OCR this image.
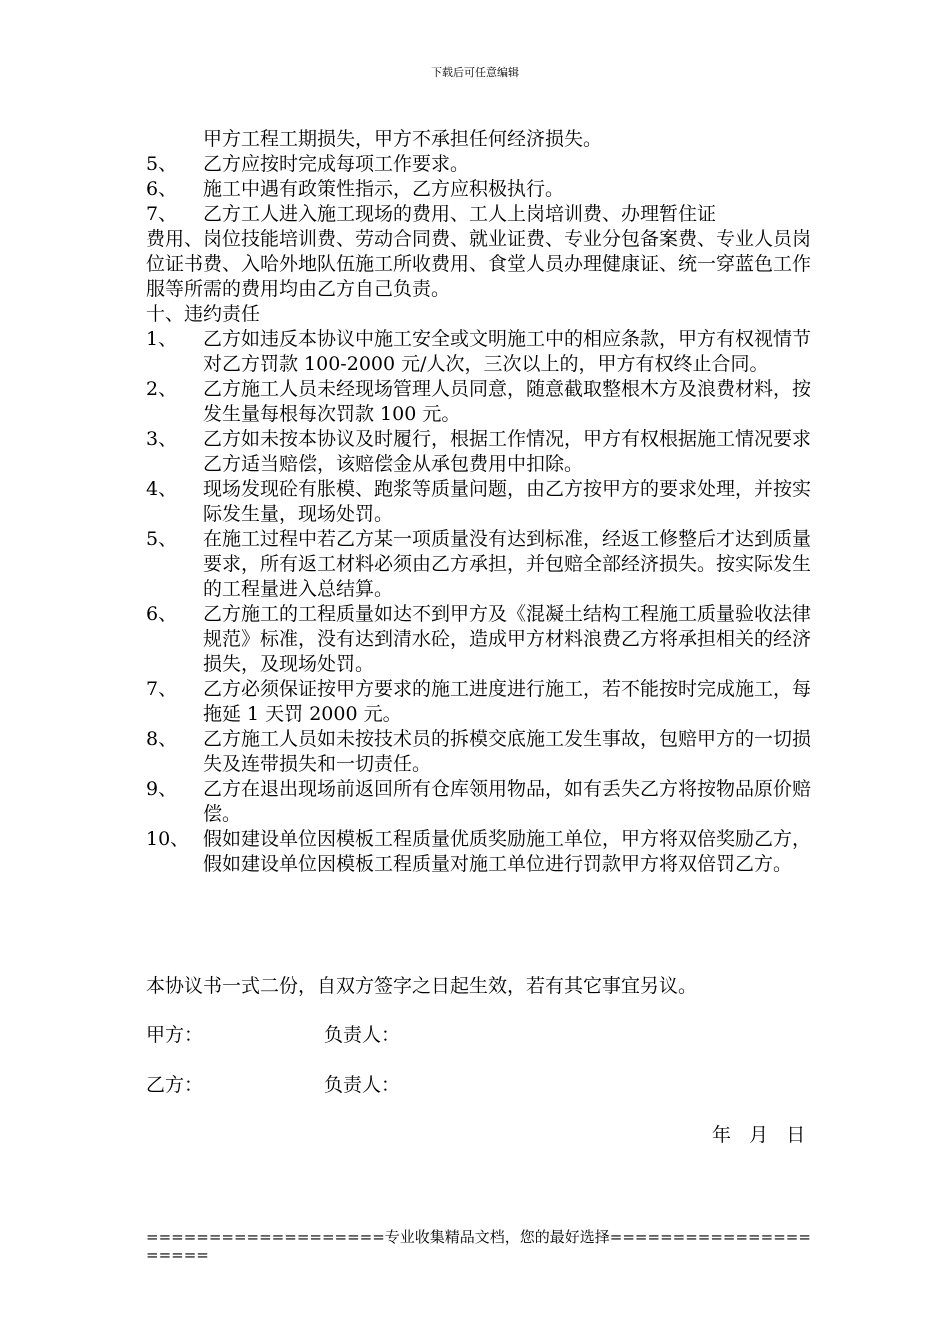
下载后可任意编辑
甲方工程工期损失，甲方不承担任何经济损失。
5、	乙方应按时完成每项工作要求。
6、	施工中遇有政策性指示，乙方应积极执行。
7、	乙方工人进入施工现场的费用、工人上岗培训费、办理暂住证
费用、岗位技能培训费、劳动合同费、就业证费、专业分包备案费、专业人员岗位证书费、入哈外地队伍施工所收费用、食堂人员办理健康证、统一穿蓝色工作服等所需的费用均由乙方自己负责。
十、违约责任
1、	乙方如违反本协议中施工安全或文明施工中的相应条款，甲方有权视情节对乙方罚款 100-2000 元/人次，三次以上的，甲方有权终止合同。
2、	乙方施工人员未经现场管理人员同意，随意截取整根木方及浪费材料，按发生量每根每次罚款 100 元。
3、	乙方如未按本协议及时履行，根据工作情况，甲方有权根据施工情况要求乙方适当赔偿，该赔偿金从承包费用中扣除。
4、	现场发现砼有胀模、跑浆等质量问题，由乙方按甲方的要求处理，并按实际发生量，现场处罚。
5、	在施工过程中若乙方某一项质量没有达到标准，经返工修整后才达到质量要求，所有返工材料必须由乙方承担，并包赔全部经济损失。按实际发生的工程量进入总结算。
6、	乙方施工的工程质量如达不到甲方及《混凝土结构工程施工质量验收法律规范》标准，没有达到清水砼，造成甲方材料浪费乙方将承担相关的经济损失，及现场处罚。
7、	乙方必须保证按甲方要求的施工进度进行施工，若不能按时完成施工，每拖延 1 天罚 2000 元。
8、	乙方施工人员如未按技术员的拆模交底施工发生事故，包赔甲方的一切损失及连带损失和一切责任。
9、	乙方在退出现场前返回所有仓库领用物品，如有丢失乙方将按物品原价赔偿。
10、 假如建设单位因模板工程质量优质奖励施工单位，甲方将双倍奖励乙方，假如建设单位因模板工程质量对施工单位进行罚款甲方将双倍罚乙方。
本协议书一式二份，自双方签字之日起生效，若有其它事宜另议。
甲方：	负责人：
乙方：	负责人：
年   月   日
===================专业收集精品文档，您的最好选择=====================
